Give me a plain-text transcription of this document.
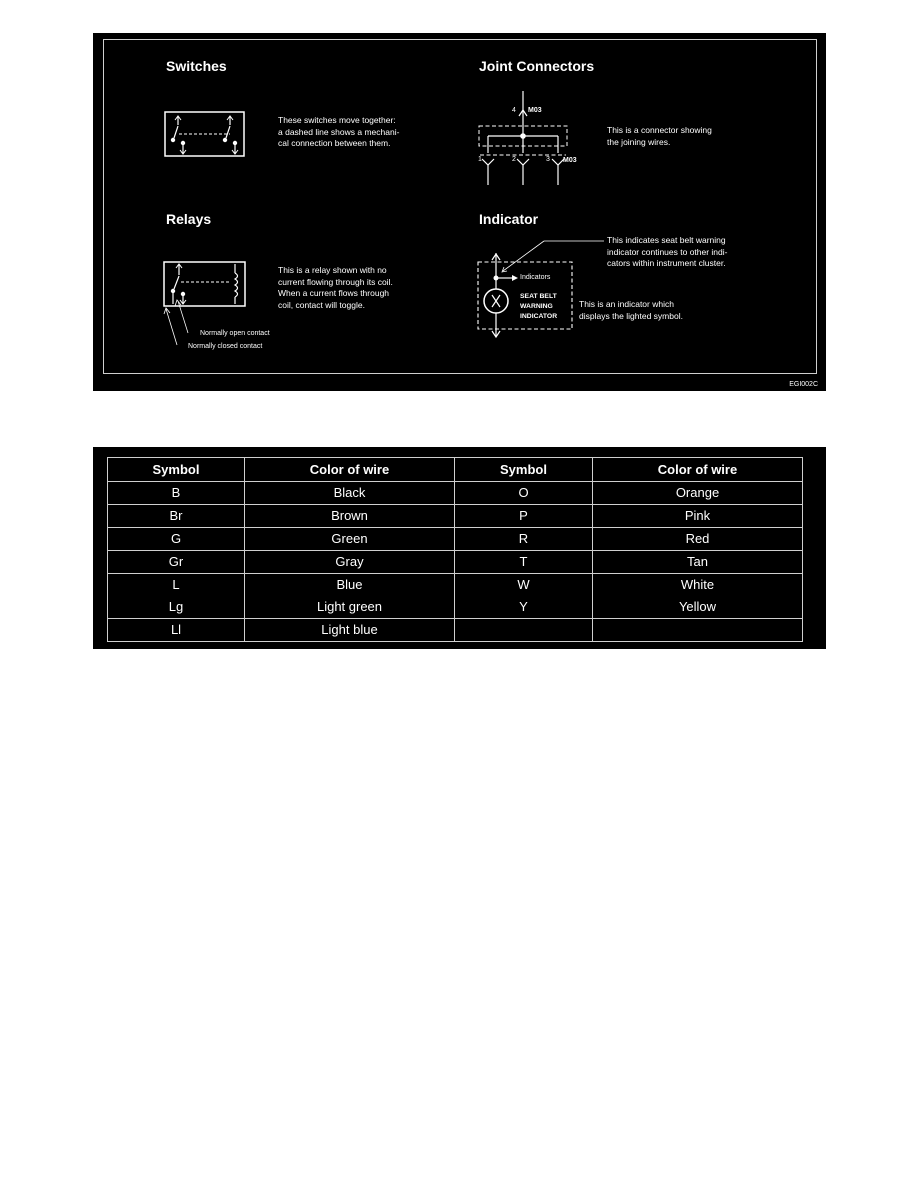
Switches
These switches move together:
a dashed line shows a mechani-
cal connection between them.
Relays
This is a relay shown with no
current flowing through its coil.
When a current flows through
coil, contact will toggle.
Normally open contact
Normally closed contact
Joint Connectors
4 M03
1	2	3 M03
This is a connector showing
the joining wires.
Indicator
Indicators
SEAT BELT
WARNING
INDICATOR
This indicates seat belt warning
indicator continues to other indi-
cators within instrument cluster.
This is an indicator which
displays the lighted symbol.
EGI002C
Symbol	Color of wire	Symbol	Color of wire
B	Black	O	Orange
Br	Brown	P	Pink
G	Green	R	Red
Gr	Gray	T	Tan
L	Blue	W	White
Lg	Light green	Y	Yellow
Ll	Light blue		
